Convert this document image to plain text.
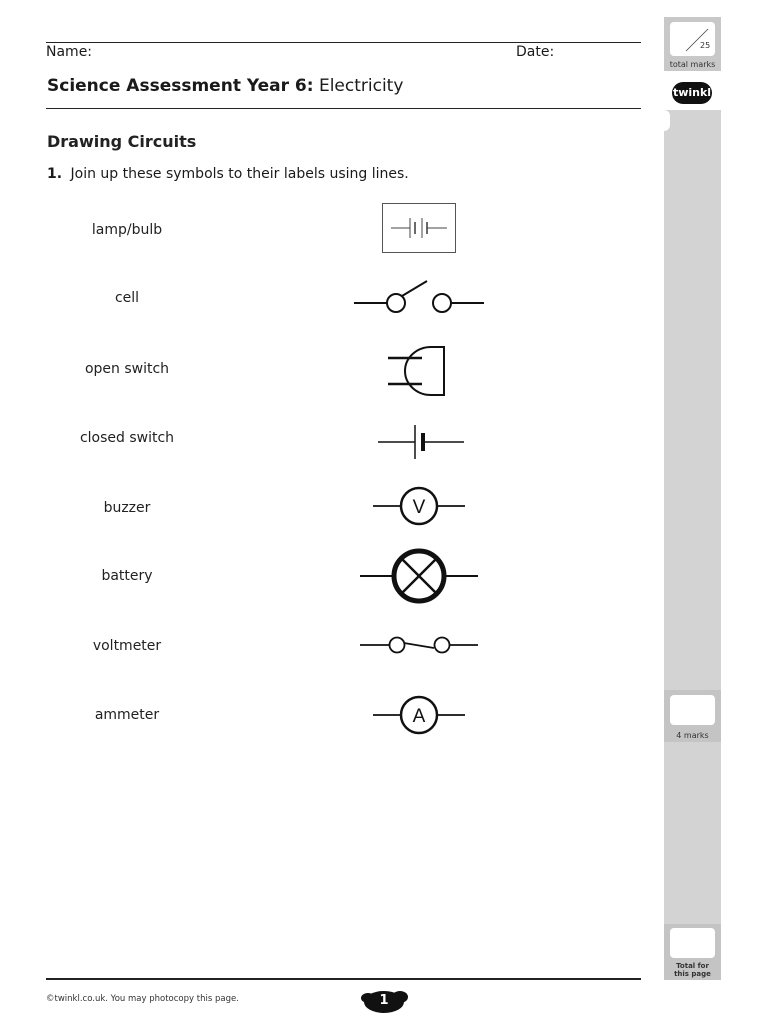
Name:	Date:
Science Assessment Year 6: Electricity
Drawing Circuits
1. Join up these symbols to their labels using lines.
lamp/bulb
cell
open switch
closed switch
buzzer
battery
voltmeter
ammeter
V
A
25
total marks
twinkl
4 marks
Total for
this page
©twinkl.co.uk. You may photocopy this page.	1
